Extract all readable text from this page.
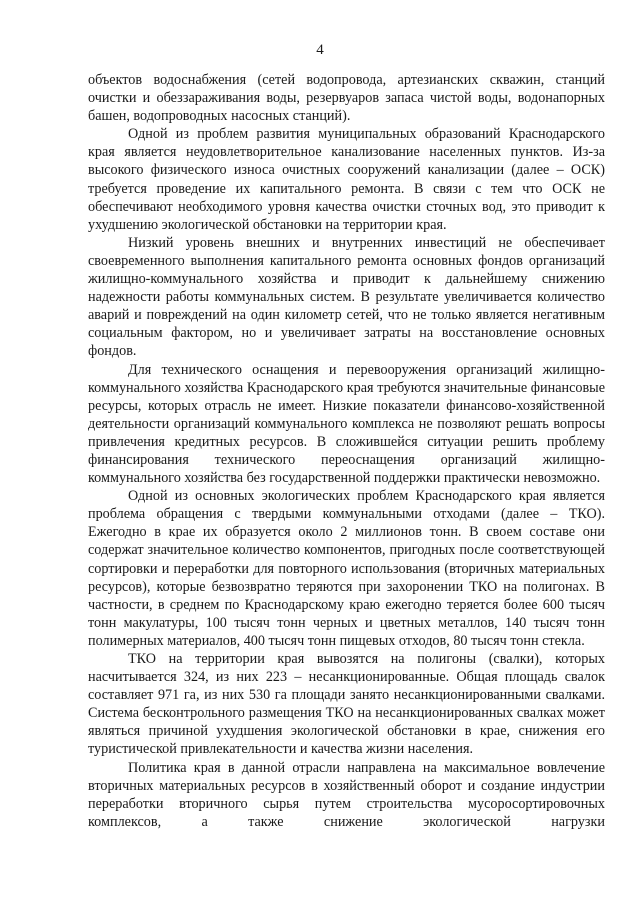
4

объектов водоснабжения (сетей водопровода, артезианских скважин, станций очистки и обеззараживания воды, резервуаров запаса чистой воды, водонапорных башен, водопроводных насосных станций).

Одной из проблем развития муниципальных образований Краснодарского края является неудовлетворительное канализование населенных пунктов. Из-за высокого физического износа очистных сооружений канализации (далее – ОСК) требуется проведение их капитального ремонта. В связи с тем что ОСК не обеспечивают необходимого уровня качества очистки сточных вод, это приводит к ухудшению экологической обстановки на территории края.

Низкий уровень внешних и внутренних инвестиций не обеспечивает своевременного выполнения капитального ремонта основных фондов организаций жилищно-коммунального хозяйства и приводит к дальнейшему снижению надежности работы коммунальных систем. В результате увеличивается количество аварий и повреждений на один километр сетей, что не только является негативным социальным фактором, но и увеличивает затраты на восстановление основных фондов.

Для технического оснащения и перевооружения организаций жилищно-коммунального хозяйства Краснодарского края требуются значительные финансовые ресурсы, которых отрасль не имеет. Низкие показатели финансово-хозяйственной деятельности организаций коммунального комплекса не позволяют решать вопросы привлечения кредитных ресурсов. В сложившейся ситуации решить проблему финансирования технического переоснащения организаций жилищно-коммунального хозяйства без государственной поддержки практически невозможно.

Одной из основных экологических проблем Краснодарского края является проблема обращения с твердыми коммунальными отходами (далее – ТКО). Ежегодно в крае их образуется около 2 миллионов тонн. В своем составе они содержат значительное количество компонентов, пригодных после соответствующей сортировки и переработки для повторного использования (вторичных материальных ресурсов), которые безвозвратно теряются при захоронении ТКО на полигонах. В частности, в среднем по Краснодарскому краю ежегодно теряется более 600 тысяч тонн макулатуры, 100 тысяч тонн черных и цветных металлов, 140 тысяч тонн полимерных материалов, 400 тысяч тонн пищевых отходов, 80 тысяч тонн стекла.

ТКО на территории края вывозятся на полигоны (свалки), которых насчитывается 324, из них 223 – несанкционированные. Общая площадь свалок составляет 971 га, из них 530 га площади занято несанкционированными свалками. Система бесконтрольного размещения ТКО на несанкционированных свалках может являться причиной ухудшения экологической обстановки в крае, снижения его туристической привлекательности и качества жизни населения.

Политика края в данной отрасли направлена на максимальное вовлечение вторичных материальных ресурсов в хозяйственный оборот и создание индустрии переработки вторичного сырья путем строительства мусоросортировочных комплексов, а также снижение экологической нагрузки
